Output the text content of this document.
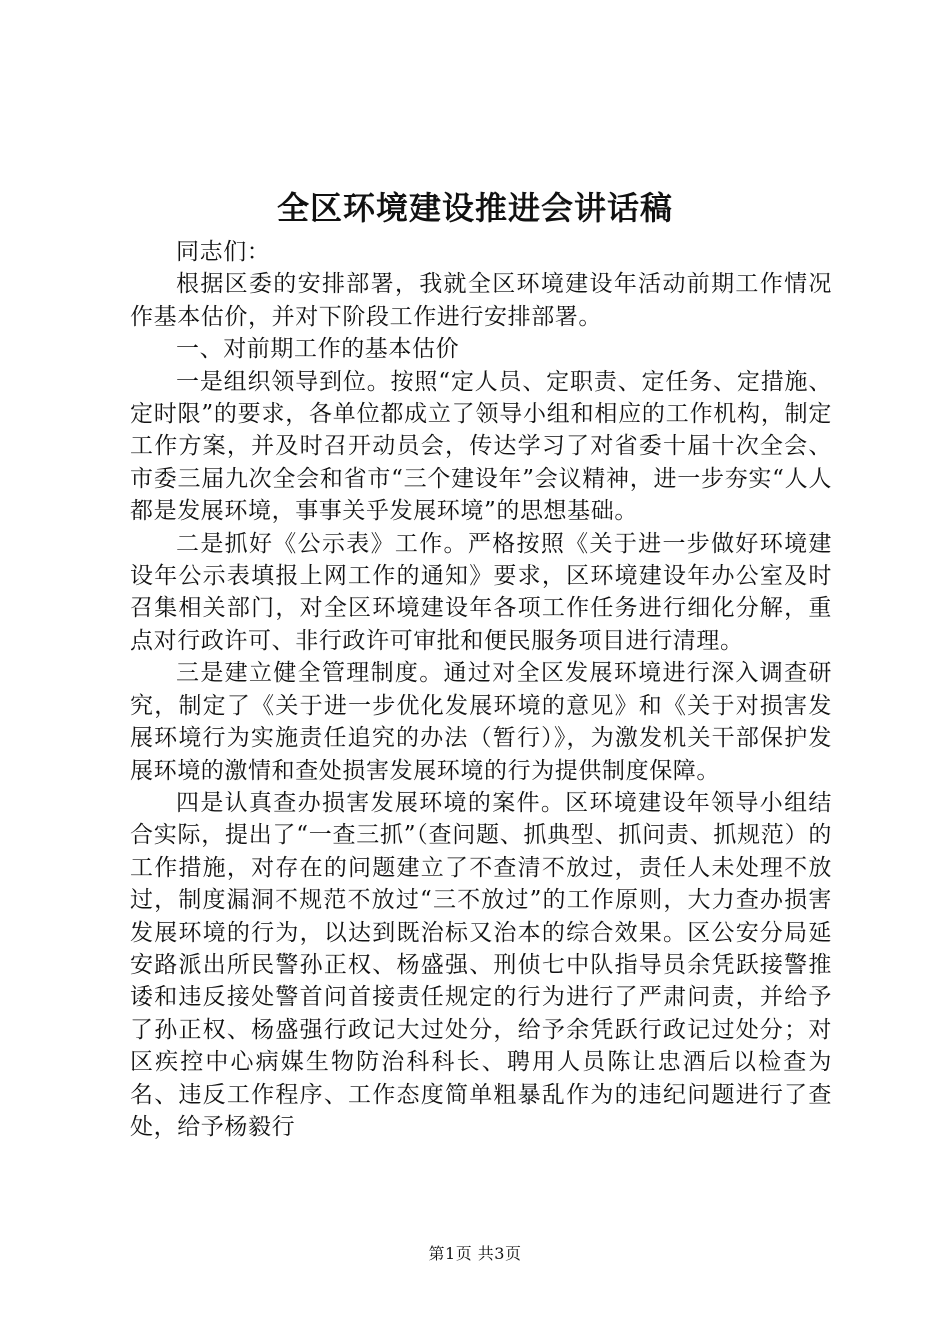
全区环境建设推进会讲话稿

同志们：

根据区委的安排部署，我就全区环境建设年活动前期工作情况作基本估价，并对下阶段工作进行安排部署。

一、对前期工作的基本估价

一是组织领导到位。按照“定人员、定职责、定任务、定措施、定时限”的要求，各单位都成立了领导小组和相应的工作机构，制定工作方案，并及时召开动员会，传达学习了对省委十届十次全会、市委三届九次全会和省市“三个建设年”会议精神，进一步夯实“人人都是发展环境，事事关乎发展环境”的思想基础。

二是抓好《公示表》工作。严格按照《关于进一步做好环境建设年公示表填报上网工作的通知》要求，区环境建设年办公室及时召集相关部门，对全区环境建设年各项工作任务进行细化分解，重点对行政许可、非行政许可审批和便民服务项目进行清理。

三是建立健全管理制度。通过对全区发展环境进行深入调查研究，制定了《关于进一步优化发展环境的意见》和《关于对损害发展环境行为实施责任追究的办法（暂行）》，为激发机关干部保护发展环境的激情和查处损害发展环境的行为提供制度保障。

四是认真查办损害发展环境的案件。区环境建设年领导小组结合实际，提出了“一查三抓”（查问题、抓典型、抓问责、抓规范）的工作措施，对存在的问题建立了不查清不放过，责任人未处理不放过，制度漏洞不规范不放过“三不放过”的工作原则，大力查办损害发展环境的行为，以达到既治标又治本的综合效果。区公安分局延安路派出所民警孙正权、杨盛强、刑侦七中队指导员余凭跃接警推诿和违反接处警首问首接责任规定的行为进行了严肃问责，并给予了孙正权、杨盛强行政记大过处分，给予余凭跃行政记过处分；对区疾控中心病媒生物防治科科长、聘用人员陈让忠酒后以检查为名、违反工作程序、工作态度简单粗暴乱作为的违纪问题进行了查处，给予杨毅行

第1页 共3页
